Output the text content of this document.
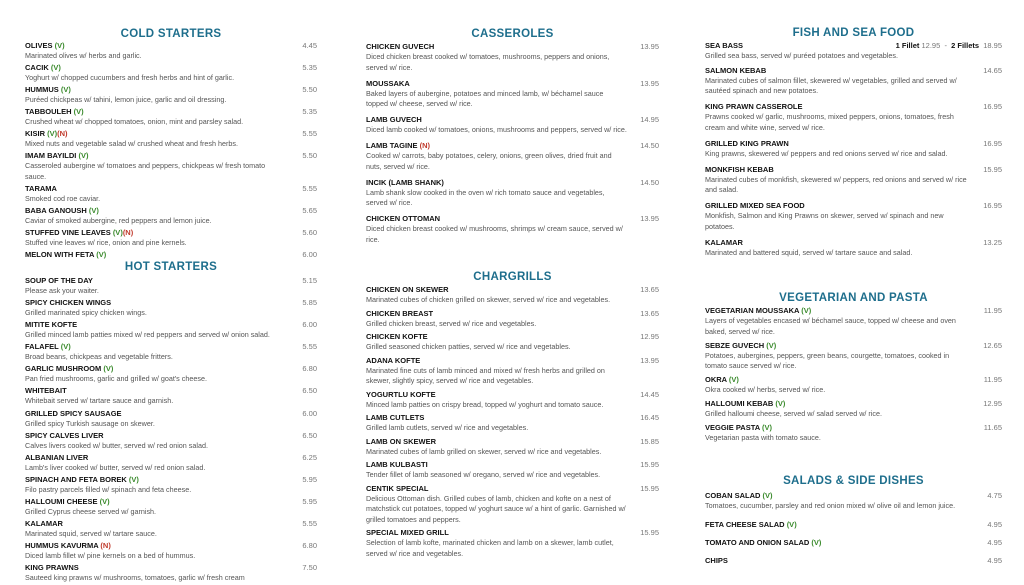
COLD STARTERS
OLIVES (V)	4.45
Marinated olives w/ herbs and garlic.
CACIK (V)	5.35
Yoghurt w/ chopped cucumbers and fresh herbs and hint of garlic.
HUMMUS (V)	5.50
Puréed chickpeas w/ tahini, lemon juice, garlic and oil dressing.
TABBOULEH (V)	5.35
Crushed wheat w/ chopped tomatoes, onion, mint and parsley salad.
KISIR (V)(N)	5.55
Mixed nuts and vegetable salad w/ crushed wheat and fresh herbs.
IMAM BAYILDI (V)	5.50
Casseroled aubergine w/ tomatoes and peppers, chickpeas w/ fresh tomato sauce.
TARAMA	5.55
Smoked cod roe caviar.
BABA GANOUSH (V)	5.65
Caviar of smoked aubergine, red peppers and lemon juice.
STUFFED VINE LEAVES (V)(N)	5.60
Stuffed vine leaves w/ rice, onion and pine kernels.
MELON WITH FETA (V)	6.00
HOT STARTERS
SOUP OF THE DAY	5.15
Please ask your waiter.
SPICY CHICKEN WINGS	5.85
Grilled marinated spicy chicken wings.
MITITE KOFTE	6.00
Grilled minced lamb patties mixed w/ red peppers and served w/ onion salad.
FALAFEL (V)	5.55
Broad beans, chickpeas and vegetable fritters.
GARLIC MUSHROOM (V)	6.80
Pan fried mushrooms, garlic and grilled w/ goat's cheese.
WHITEBAIT	6.50
Whitebait served w/ tartare sauce and garnish.
GRILLED SPICY SAUSAGE	6.00
Grilled spicy Turkish sausage on skewer.
SPICY CALVES LIVER	6.50
Calves livers cooked w/ butter, served w/ red onion salad.
ALBANIAN LIVER	6.25
Lamb's liver cooked w/ butter, served w/ red onion salad.
SPINACH AND FETA BOREK (V)	5.95
Filo pastry parcels filled w/ spinach and feta cheese.
HALLOUMI CHEESE (V)	5.95
Grilled Cyprus cheese served w/ garnish.
KALAMAR	5.55
Marinated squid, served w/ tartare sauce.
HUMMUS KAVURMA (N)	6.80
Diced lamb fillet w/ pine kernels on a bed of hummus.
KING PRAWNS	7.50
Sauteed king prawns w/ mushrooms, tomatoes, garlic w/ fresh cream
CASSEROLES
CHICKEN GUVECH	13.95
Diced chicken breast cooked w/ tomatoes, mushrooms, peppers and onions, served w/ rice.
MOUSSAKA	13.95
Baked layers of aubergine, potatoes and minced lamb, w/ béchamel sauce topped w/ cheese, served w/ rice.
LAMB GUVECH	14.95
Diced lamb cooked w/ tomatoes, onions, mushrooms and peppers, served w/ rice.
LAMB TAGINE (N)	14.50
Cooked w/ carrots, baby potatoes, celery, onions, green olives, dried fruit and nuts, served w/ rice.
INCIK (LAMB SHANK)	14.50
Lamb shank slow cooked in the oven w/ rich tomato sauce and vegetables, served w/ rice.
CHICKEN OTTOMAN	13.95
Diced chicken breast cooked w/ mushrooms, shrimps w/ cream sauce, served w/ rice.
CHARGRILLS
CHICKEN ON SKEWER	13.65
Marinated cubes of chicken grilled on skewer, served w/ rice and vegetables.
CHICKEN BREAST	13.65
Grilled chicken breast, served w/ rice and vegetables.
CHICKEN KOFTE	12.95
Grilled seasoned chicken patties, served w/ rice and vegetables.
ADANA KOFTE	13.95
Marinated fine cuts of lamb minced and mixed w/ fresh herbs and grilled on skewer, slightly spicy, served w/ rice and vegetables.
YOGURTLU KOFTE	14.45
Minced lamb patties on crispy bread, topped w/ yoghurt and tomato sauce.
LAMB CUTLETS	16.45
Grilled lamb cutlets, served w/ rice and vegetables.
LAMB ON SKEWER	15.85
Marinated cubes of lamb grilled on skewer, served w/ rice and vegetables.
LAMB KULBASTI	15.95
Tender fillet of lamb seasoned w/ oregano, served w/ rice and vegetables.
CENTIK SPECIAL	15.95
Delicious Ottoman dish. Grilled cubes of lamb, chicken and kofte on a nest of matchstick cut potatoes, topped w/ yoghurt sauce w/ a hint of garlic. Garnished w/ grilled tomatoes and peppers.
SPECIAL MIXED GRILL	15.95
Selection of lamb kofte, marinated chicken and lamb on a skewer, lamb cutlet, served w/ rice and vegetables.
FISH AND SEA FOOD
SEA BASS	1 Fillet 12.95 - 2 Fillets 18.95
Grilled sea bass, served w/ puréed potatoes and vegetables.
SALMON KEBAB	14.65
Marinated cubes of salmon fillet, skewered w/ vegetables, grilled and served w/ sautéed spinach and new potatoes.
KING PRAWN CASSEROLE	16.95
Prawns cooked w/ garlic, mushrooms, mixed peppers, onions, tomatoes, fresh cream and white wine, served w/ rice.
GRILLED KING PRAWN	16.95
King prawns, skewered w/ peppers and red onions served w/ rice and salad.
MONKFISH KEBAB	15.95
Marinated cubes of monkfish, skewered w/ peppers, red onions and served w/ rice and salad.
GRILLED MIXED SEA FOOD	16.95
Monkfish, Salmon and King Prawns on skewer, served w/ spinach and new potatoes.
KALAMAR	13.25
Marinated and battered squid, served w/ tartare sauce and salad.
VEGETARIAN AND PASTA
VEGETARIAN MOUSSAKA (V)	11.95
Layers of vegetables encased w/ béchamel sauce, topped w/ cheese and oven baked, served w/ rice.
SEBZE GUVECH (V)	12.65
Potatoes, aubergines, peppers, green beans, courgette, tomatoes, cooked in tomato sauce served w/ rice.
OKRA (V)	11.95
Okra cooked w/ herbs, served w/ rice.
HALLOUMI KEBAB (V)	12.95
Grilled halloumi cheese, served w/ salad served w/ rice.
VEGGIE PASTA (V)	11.65
Vegetarian pasta with tomato sauce.
SALADS & SIDE DISHES
COBAN SALAD (V)	4.75
Tomatoes, cucumber, parsley and red onion mixed w/ olive oil and lemon juice.
FETA CHEESE SALAD (V)	4.95
TOMATO AND ONION SALAD (V)	4.95
CHIPS	4.95
